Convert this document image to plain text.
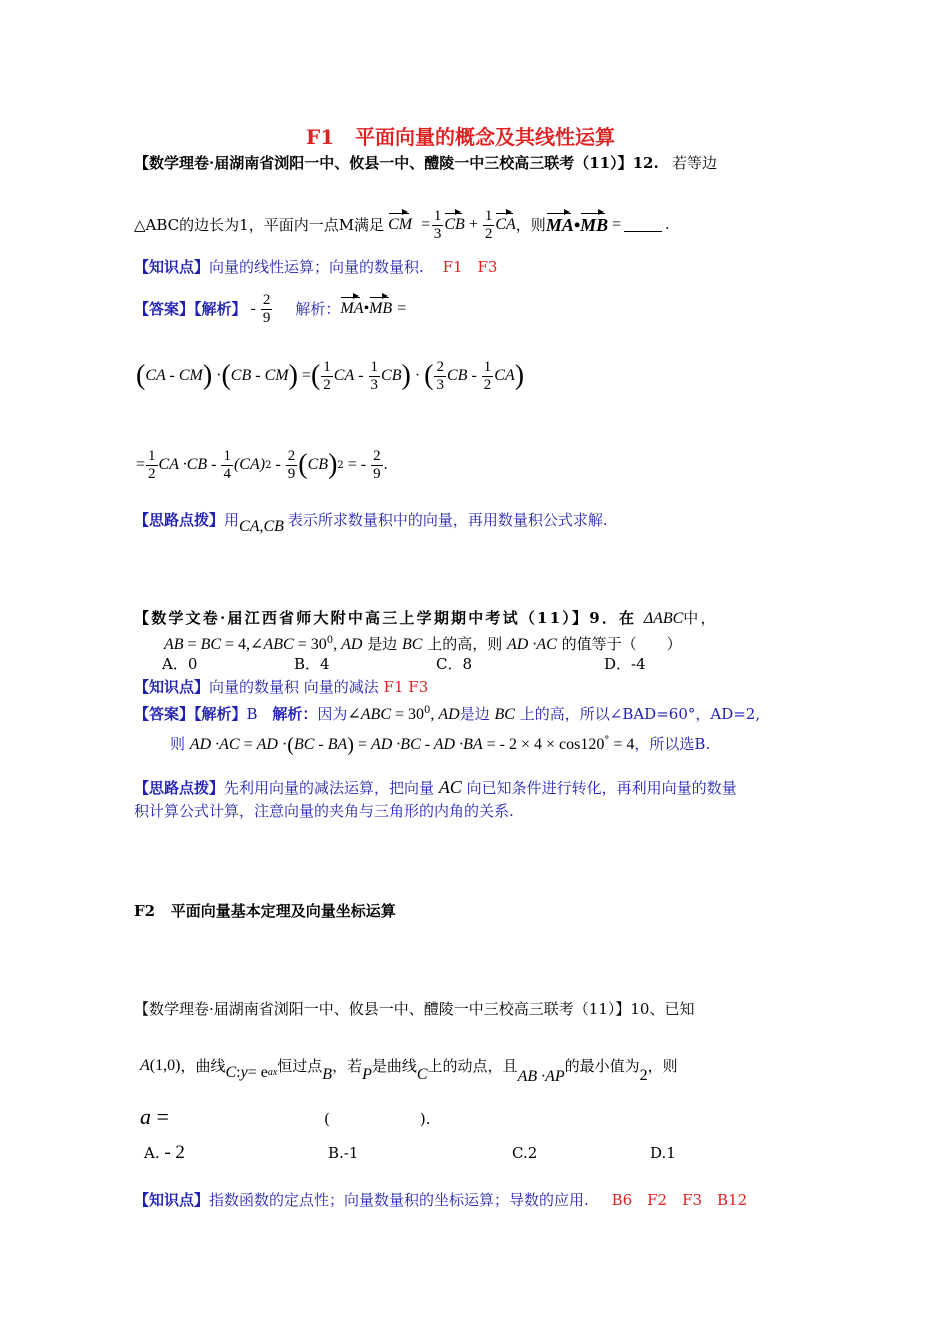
F1 平面向量的概念及其线性运算
【数学理卷·届湖南省浏阳一中、攸县一中、醴陵一中三校高三联考（11）】12. 若等边
△ABC的边长为1，平面内一点M满足 CM  = $\frac{1}{3}$ CB + $\frac{1}{2}$ CA ，则 MA•MB =	.
【知识点】向量的线性运算；向量的数量积. F1　F3
【答案】【解析】 - $\frac{2}{9}$ 解析： MA•MB =
( CA - CM ) · ( CB - CM ) = ( $\frac{1}{2}$ CA - $\frac{1}{3}$ CB ) · ( $\frac{2}{3}$ CB - $\frac{1}{2}$ CA )
= $\frac{1}{2}$ CA $\cdot CB - \frac{1}{4} (CA)$ $2 - \frac{2}{9}$ ( CB ) 2 = - $\frac{2}{9}$ .
【思路点拨】 用 CA,CB 表示所求数量积中的向量，再用数量积公式求解.
【数学文卷·届江西省师大附中高三上学期期中考试（11）】9．在 ΔABC中，
AB = BC = 4,∠ABC = $30^0$, AD 是边 BC 上的高，则 AD ·AC 的值等于（　　）
A．0	B．4	C．8	D．-4
【知识点】向量的数量积 向量的减法 F1 F3
【答案】【解析】B 解析：因为∠ABC = $30^0$, AD是边 BC 上的高，所以∠BAD=60°，AD=2,
则 AD ·AC = AD ·(BC - BA) = AD ·BC - AD ·BA = - 2 × 4 × cos120° = 4，所以选B.
【思路点拨】先利用向量的减法运算，把向量 AC 向已知条件进行转化，再利用向量的数量
积计算公式计算，注意向量的夹角与三角形的内角的关系.
F2 平面向量基本定理及向量坐标运算
【数学理卷·届湖南省浏阳一中、攸县一中、醴陵一中三校高三联考（11）】10、已知
A (1,0) ，曲线 C : y = e ax 恒过点 B ，若 P 是曲线 C 上的动点，且
AB ·AP
的最小值为
2
，则
a =	(　　　　　　).
A. - 2	B.-1	C.2	D.1
【知识点】指数函数的定点性；向量数量积的坐标运算；导数的应用. B6　F2　F3　B12
